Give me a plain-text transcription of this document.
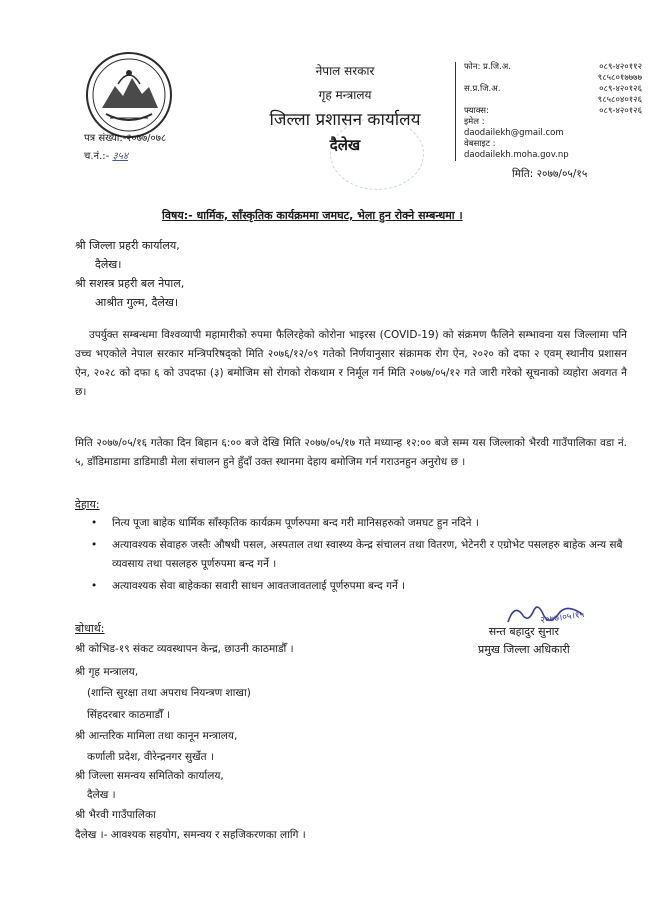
नेपाल सरकार
गृह मन्त्रालय
जिल्ला प्रशासन कार्यालय
दैलेख
फोन: प्र.जि.अ.	०८९-४२०११२
९८५८०१७७७७
स.प्र.जि.अ.	०८९-४२०१२६
९८५८०४०१२६
फ्याक्स:	०८९-४२०१२६
इमेल :
daodailekh@gmail.com
वेबसाइट :
daodailekh.moha.gov.np
पत्र संख्या:-२०७७/०७८
च.नं.:- ३५४
मिति: २०७७/०५/१५
विषय:- धार्मिक, साँस्कृतिक कार्यक्रममा जमघट, भेला हुन रोक्ने सम्बन्धमा ।
श्री जिल्ला प्रहरी कार्यालय,
दैलेख।
श्री सशस्त्र प्रहरी बल नेपाल,
आश्रीत गुल्म, दैलेख।
उपर्युक्त सम्बन्धमा विश्वव्यापी महामारीको रुपमा फैलिरहेको कोरोना भाइरस (COVID-19) को संक्रमण फैलिने सम्भावना यस जिल्लामा पनि उच्च भएकोले नेपाल सरकार मन्त्रिपरिषद्को मिति २०७६/१२/०९ गतेको निर्णयानुसार संक्रामक रोग ऐन, २०२० को दफा २ एवम् स्थानीय प्रशासन ऐन, २०२८ को दफा ६ को उपदफा (३) बमोजिम सो रोगको रोकथाम र निर्मूल गर्न मिति २०७७/०५/१२ गते जारी गरेको सूचनाको व्यहोरा अवगत नै छ।
मिति २०७७/०५/१६ गतेका दिन बिहान ६:०० बजे देखि मिति २०७७/०५/१७ गते मध्यान्ह १२:०० बजे सम्म यस जिल्लाको भैरवी गाउँपालिका वडा नं. ५, डाँडिमाडामा डाडिमाडी मेला संचालन हुने हुँदाँ उक्त स्थानमा देहाय बमोजिम गर्न गराउनहुन अनुरोध छ ।
देहाय:
• नित्य पूजा बाहेक धार्मिक साँस्कृतिक कार्यक्रम पूर्णरुपमा बन्द गरी मानिसहरुको जमघट हुन नदिने ।
• अत्यावश्यक सेवाहरु जस्तैः औषधी पसल, अस्पताल तथा स्वास्थ्य केन्द्र संचालन तथा वितरण, भेटेनरी र एग्रोभेट पसलहरु बाहेक अन्य सबै व्यवसाय तथा पसलहरु पूर्णरुपमा बन्द गर्ने ।
• अत्यावश्यक सेवा बाहेकका सवारी साधन आवतजावतलाई पूर्णरुपमा बन्द गर्ने ।
२०७७।०५।१५
सन्त बहादुर सुनार
प्रमुख जिल्ला अधिकारी
बोधार्थ:
श्री कोभिड-१९ संकट व्यवस्थापन केन्द्र, छाउनी काठमाडौँ ।
श्री गृह मन्त्रालय,
(शान्ति सुरक्षा तथा अपराध नियन्त्रण शाखा)
सिंहदरबार काठमाडौँ ।
श्री आन्तरिक मामिला तथा कानून मन्त्रालय,
कर्णाली प्रदेश, वीरेन्द्रनगर सुर्खेत ।
श्री जिल्ला समन्वय समितिको कार्यालय,
दैलेख ।
श्री भैरवी गाउँपालिका
दैलेख ।- आवश्यक सहयोग, समन्वय र सहजिकरणका लागि ।
